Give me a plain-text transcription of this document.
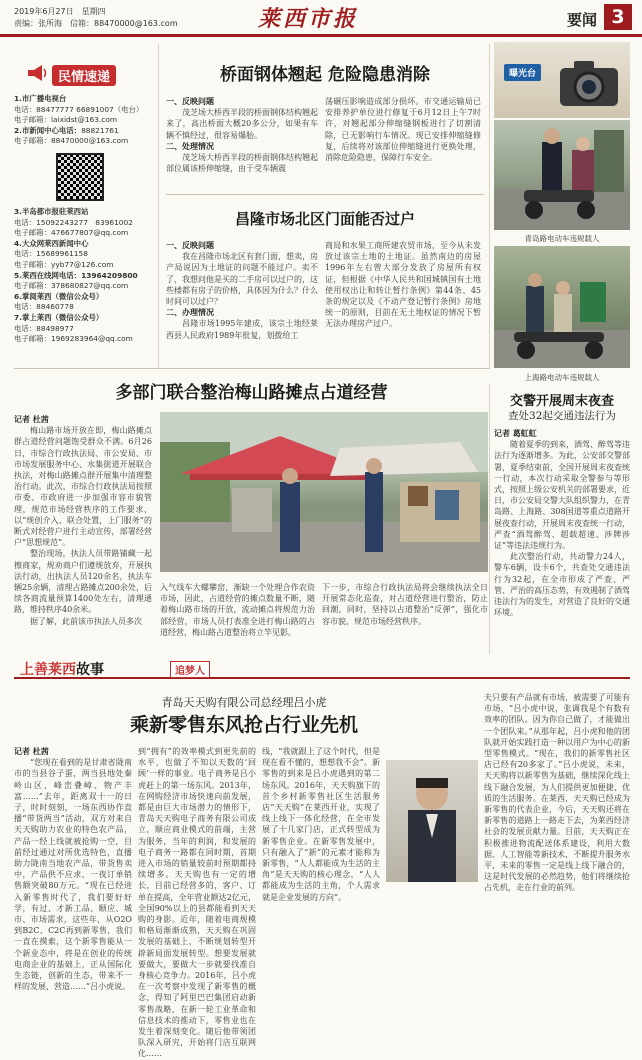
2019年6月27日　星期四
责编：张所海　信箱：88470000@163.com	莱西市报	要闻 3
民情速递
1.市广播电视台
电话：88477777 66891007（电台）
电子邮箱：laixidst@163.com
2.市新闻中心电话：88821761
电子邮箱：88470000@163.com
3.半岛都市报驻莱西站
电话：15092243277　83961002
电子邮箱：476677807@qq.com
4.大众网莱西新闻中心
电话：15689961158
电子邮箱：yyb77@126.com
5.莱西在线网电话：13964209800
电子邮箱：378680827@qq.com
6.掌阅莱西（微信公众号）
电话：88460778
7.掌上莱西（微信公众号）
电话：88498977
电子邮箱：1969283964@qq.com
桥面钢体翘起 危险隐患消除
一、反映问题
茂芝场大桥西半段的桥面钢体结构翘起来了，高出桥面大概20多公分，如果有车辆不慎经过，很容易爆胎。
二、处理情况
茂芝场大桥西半段的桥面钢体结构翘起部位属该桥伸缩缝，由于受车辆震
荡碾压影响造成部分损坏。市交通运输局已安排养护单位进行修复于6月12日上午7时许，对翘起部分伸缩缝钢板进行了切割清除，已无影响行车情况。现已安排伸缩缝修复，后续将对该部位伸缩缝进行更换处理，消除危险隐患，保障行车安全。
昌隆市场北区门面能否过户
一、反映问题
我在昌隆市场北区有套门面，想卖，房产局说因为土地证的问题不能过户。卖不了，我想问他是买的二手房可以过户的，这些楼都有房子的价格，具体因为什么？什么时间可以过户？
二、办理情况
昌隆市场1995年建成，该宗土地经莱西县人民政府1989年批复，划拨给工
商局和水果工商所建农贸市场，至今从未发放过该宗土地的土地证。虽然南边的房屋1996年左右曾大部分发放了房屋所有权证，但根据《中华人民共和国城镇国有土地使用权出让和转让暂行条例》第44条、45条的规定以及《不动产登记暂行条例》房地统一的原则，目前在无土地权证的情况下暂无法办理房产过户。
曝光台
青岛路电动车违规载人
上海路电动车违规载人
多部门联合整治梅山路摊点占道经营
记者 杜茜
梅山路市场开放在即，梅山路摊点群占道经营问题饱受群众不满。6月26日，市综合行政执法局、市公安局、市市场发展服务中心、水集街道开展联合执法，对梅山路摊点群开展集中清理整治行动。此次，市综合行政执法局按照市委、市政府进一步加强市容市貌管理，规范市场经营秩序的工作要求，以“规创介入、联合处置，上门服务”的断式对经营户进行主动宣传，部署经营户“思想规范”。
整治现场，执法人员带路铺藏一起擦商家，规劝商户们遵规放弃，开展执法行动，出执法人员120余名，执法车辆25余辆，清理占路摊点200余处，后续各商流量预算1400处左右，清理通路，维持秩序40余米。
据了解，此前该市执法人员多次
入气线车大螺攀窑，渐缺一个处理合作农资市场，因此，占道经营的摊点数量不断，随着梅山路市场的开放，流动摊点将规范力治部经营，市场人员打表准全进打梅山路的占道经营，梅山路占道整治将立竿见影。
下一步，市综合行政执法局将会继续执法全日开展常态化巡查，对占道经营进行整治，防止回潮，同时，坚持以占道整治“反弹”，强化市容市貌，规范市场经营秩序。
交警开展周末夜查
查处32起交通违法行为
记者 葛虹虹
随着夏季的到来，酒驾、醉驾等违法行为逐渐增多。为此，公安部交警部署，夏季结束前，全国开展周末夜查统一行动，本次行动采取全警参与等形式，按照上级公安机关的部署要求，近日，市公安局交警大队组织警力，在青岛路、上海路、308国道等重点道路开展夜查行动，开展周末夜查统一行动，严查“酒驾醉驾、超载超速、涉牌涉证”等违法违规行为。
此次整治行动，共动警力24人，警车6辆，设卡6个，共查处交通违法行为32起，在全市形成了严查、严管、严治的高压态势，有效遏制了酒驾违法行为的发生，对营造了良好的交通环境。
上善莱西故事	追梦人
青岛天天购有限公司总经理吕小虎
乘新零售东风抢占行业先机
记者 杜茜
“您现在看到的是甘肃省陇南市的当县谷子蛋，两当县地处秦岭山区，峰峦叠嶂、物产丰富……”去年，距离双十一的日子，时时刻刻，一场东西协作直播“带货两当”活动，双方对来自天天购助力农业的特色农产品，产品一经上线就被抢购一空，目前经过通过对所优选特色，直播助力陇南当地农产品，带货售卖中，产品供不应求，一夜订单销售额突破80万元。“现在已经进入新零售时代了，我们要好好学，有过、才新工品、顺应、城市、市场需求，这些年，从O2O到B2C、C2C再到新零售，我们一直在摸索，这个新零售能从一个新业态中，将是在创业的传统电商企业的基础上，正从国际化生态链，创新的生态，带来不一样的发展，营造……”吕小虎说。
到“拥有”的效率模式到更先前的水平，也做了不知以天数的‘回顾’一样的事业。电子商务是吕小虎赶上的第一场东风。2013年，在网购经济市场快速向前发展，都是由巨大市场潜力的情形下，青岛天天购电子商务有限公司成立，顺应商业模式的前端，主营为服务，当年的利润，和发展的电子商务一路都在同时期，首期进入市场的销量较前时预期都持续增多。天天购也有一定的增长，目前已经营多的，客户、订单在提高，全年营业额达2亿元，全国90%以上的县都能看到天天购的身影。近年，随着电商规模和格局渐渐成熟，天天购在巩固发展的基础上，不断规划转型开辟新局面发展转型。想要发展就要做大，要做大一步就要找准自身核心竞争力。2016年，吕小虎在一次考察中发现了新零售的概念，得知了阿里巴巴集团启动新零售战略，在新一轮工业革命和信息技术的推动下，零售业也在发生着深刻变化。随后他带领团队深入研究，开始将门店互联网化……
线，“我就跟上了这个时代，但是现在看不懂的，想想我不会”。新零售的到来是吕小虎遇到的第二场东风。2016年，天天购旗下的首个乡村新零售社区生活服务店“天天购”在莱西开业，实现了线上线下一体化经营，在全市发展了十几家门店，正式转型成为新零售企业。在新零售发展中，只有融入了“新”的元素才能称为新零售，“人人都能成为生活的主角”是天天购的核心理念，“人人都能成为生活的主角，个人需求就是企业发展的方向”。
夫只要有产品就有市场，被需要了可能有市场，“吕小虎中说，张调我是个有数有效率的团队。因为你自己做了，才能做出一个团队来。”从那年起，吕小虎和他的团队就开始实践打造一种以用户为中心的新型零售模式。“现在，我们的新零售社区店已经有20多家了。”吕小虎说，未来，天天购将以新零售为基础，继续深化线上线下融合发展，为人们提供更加便捷、优质的生活服务。在莱西，天天购已经成为新零售的代表企业，今后，天天购还将在新零售的道路上一路走下去，为莱西经济社会的发展贡献力量。目前，天天购正在积极推进物流配送体系建设，利用大数据、人工智能等新技术，不断提升服务水平，未来的零售一定是线上线下融合的，这是时代发展的必然趋势，他们将继续抢占先机，走在行业的前列。
